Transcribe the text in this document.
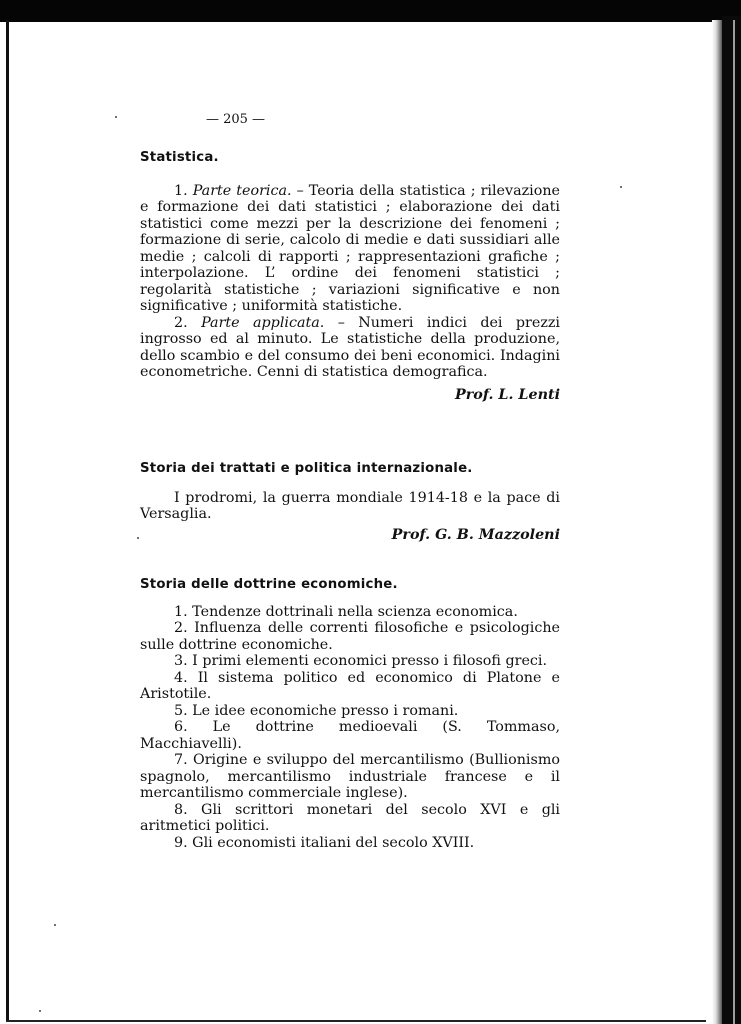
— 205 —
Statistica.

1. Parte teorica. – Teoria della statistica ; rilevazione e formazione dei dati statistici ; elaborazione dei dati statistici come mezzi per la descrizione dei fenomeni ; formazione di serie, calcolo di medie e dati sussidiari alle medie ; calcoli di rapporti ; rappresentazioni grafiche ; interpolazione. L’ ordine dei fenomeni statistici ; regolarità statistiche ; variazioni significative e non significative ; uniformità statistiche.

2. Parte applicata. – Numeri indici dei prezzi ingrosso ed al minuto. Le statistiche della produzione, dello scambio e del consumo dei beni economici. Indagini econometriche. Cenni di statistica demografica.

Prof. L. Lenti
Storia dei trattati e politica internazionale.

I prodromi, la guerra mondiale 1914-18 e la pace di Versaglia.

Prof. G. B. Mazzoleni
Storia delle dottrine economiche.

1. Tendenze dottrinali nella scienza economica.

2. Influenza delle correnti filosofiche e psicologiche sulle dottrine economiche.

3. I primi elementi economici presso i filosofi greci.

4. Il sistema politico ed economico di Platone e Aristotile.

5. Le idee economiche presso i romani.

6. Le dottrine medioevali (S. Tommaso, Macchiavelli).

7. Origine e sviluppo del mercantilismo (Bullionismo spagnolo, mercantilismo industriale francese e il mercantilismo commerciale inglese).

8. Gli scrittori monetari del secolo XVI e gli aritmetici politici.

9. Gli economisti italiani del secolo XVIII.
